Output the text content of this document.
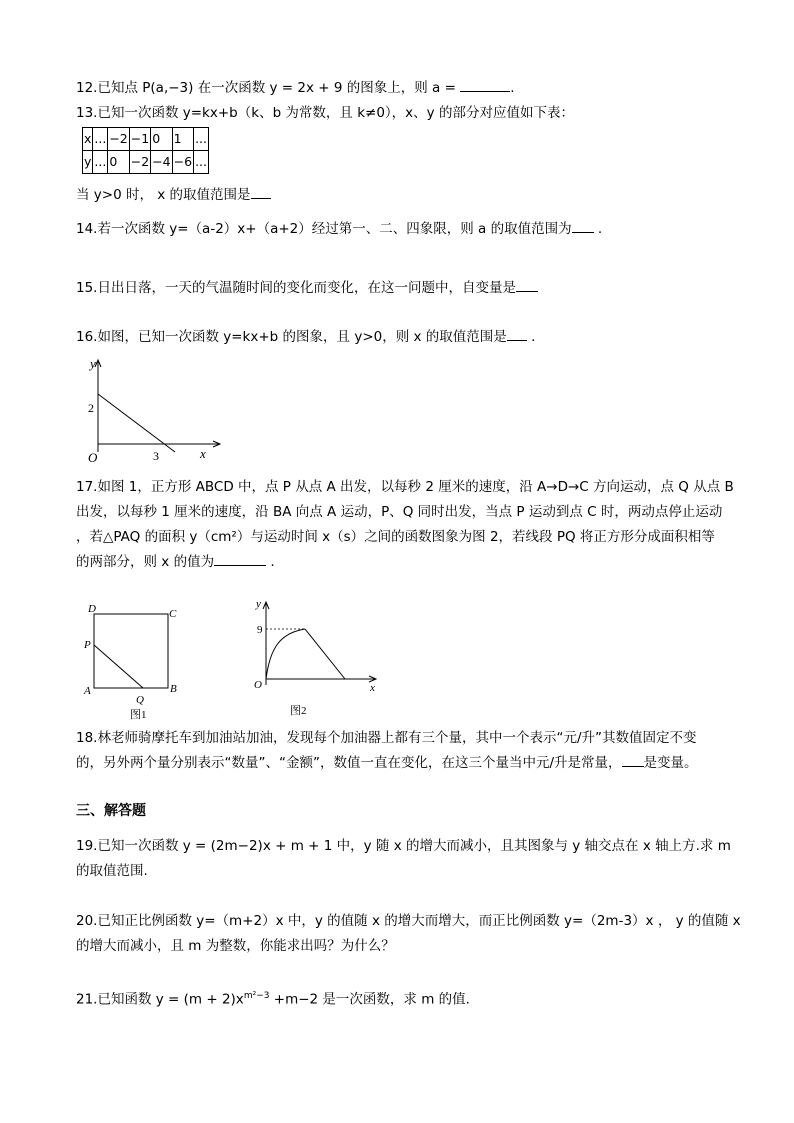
12.已知点 P(a,−3) 在一次函数 y = 2x + 9 的图象上，则 a =	.
13.已知一次函数 y=kx+b（k、b 为常数，且 k≠0），x、y 的部分对应值如下表：
x	...	−2	−1	0	1	...
y	...	0	−2	−4	−6	...
当 y>0 时， x 的取值范围是
14.若一次函数 y=（a-2）x+（a+2）经过第一、二、四象限，则 a 的取值范围为 .
15.日出日落，一天的气温随时间的变化而变化，在这一问题中，自变量是
16.如图，已知一次函数 y=kx+b 的图象，且 y>0，则 x 的取值范围是 .
y
x
O
2
3
17.如图 1，正方形 ABCD 中，点 P 从点 A 出发，以每秒 2 厘米的速度，沿 A→D→C 方向运动，点 Q 从点 B
出发，以每秒 1 厘米的速度，沿 BA 向点 A 运动，P、Q 同时出发，当点 P 运动到点 C 时，两动点停止运动
，若△PAQ 的面积 y（cm²）与运动时间 x（s）之间的函数图象为图 2，若线段 PQ 将正方形分成面积相等
的两部分，则 x 的值为	.
D	C
P
A
Q
B
图1
y
x
O
9
图2
18.林老师骑摩托车到加油站加油，发现每个加油器上都有三个量，其中一个表示“元/升”其数值固定不变
的，另外两个量分别表示“数量”、“金额”，数值一直在变化，在这三个量当中元/升是常量， 是变量。
三、解答题
19.已知一次函数 y = (2m−2)x + m + 1 中，y 随 x 的增大而减小，且其图象与 y 轴交点在 x 轴上方.求 m
的取值范围.
20.已知正比例函数 y=（m+2）x 中，y 的值随 x 的增大而增大，而正比例函数 y=（2m-3）x ， y 的值随 x
的增大而减小，且 m 为整数，你能求出吗？为什么？
21.已知函数 $y = (m + 2)x^{m^2-3} +m-2$ 是一次函数，求 m 的值.
